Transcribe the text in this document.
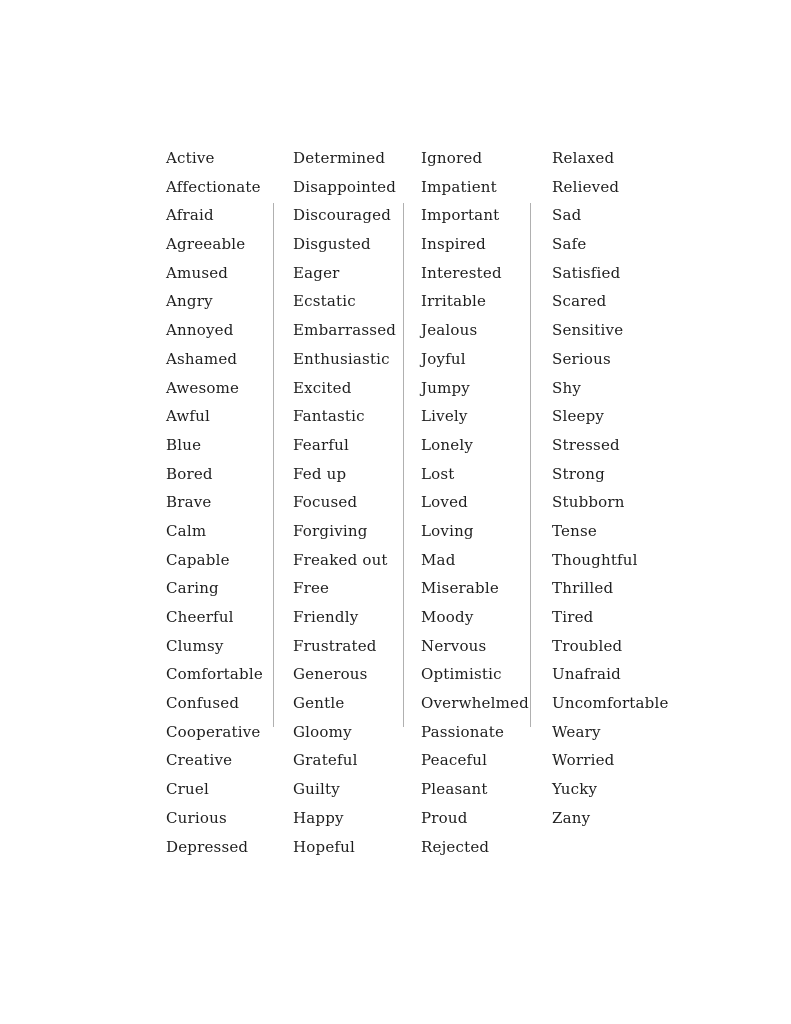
Active
Affectionate
Afraid
Agreeable
Amused
Angry
Annoyed
Ashamed
Awesome
Awful
Blue
Bored
Brave
Calm
Capable
Caring
Cheerful
Clumsy
Comfortable
Confused
Cooperative
Creative
Cruel
Curious
Depressed
Determined
Disappointed
Discouraged
Disgusted
Eager
Ecstatic
Embarrassed
Enthusiastic
Excited
Fantastic
Fearful
Fed up
Focused
Forgiving
Freaked out
Free
Friendly
Frustrated
Generous
Gentle
Gloomy
Grateful
Guilty
Happy
Hopeful
Ignored
Impatient
Important
Inspired
Interested
Irritable
Jealous
Joyful
Jumpy
Lively
Lonely
Lost
Loved
Loving
Mad
Miserable
Moody
Nervous
Optimistic
Overwhelmed
Passionate
Peaceful
Pleasant
Proud
Rejected
Relaxed
Relieved
Sad
Safe
Satisfied
Scared
Sensitive
Serious
Shy
Sleepy
Stressed
Strong
Stubborn
Tense
Thoughtful
Thrilled
Tired
Troubled
Unafraid
Uncomfortable
Weary
Worried
Yucky
Zany
